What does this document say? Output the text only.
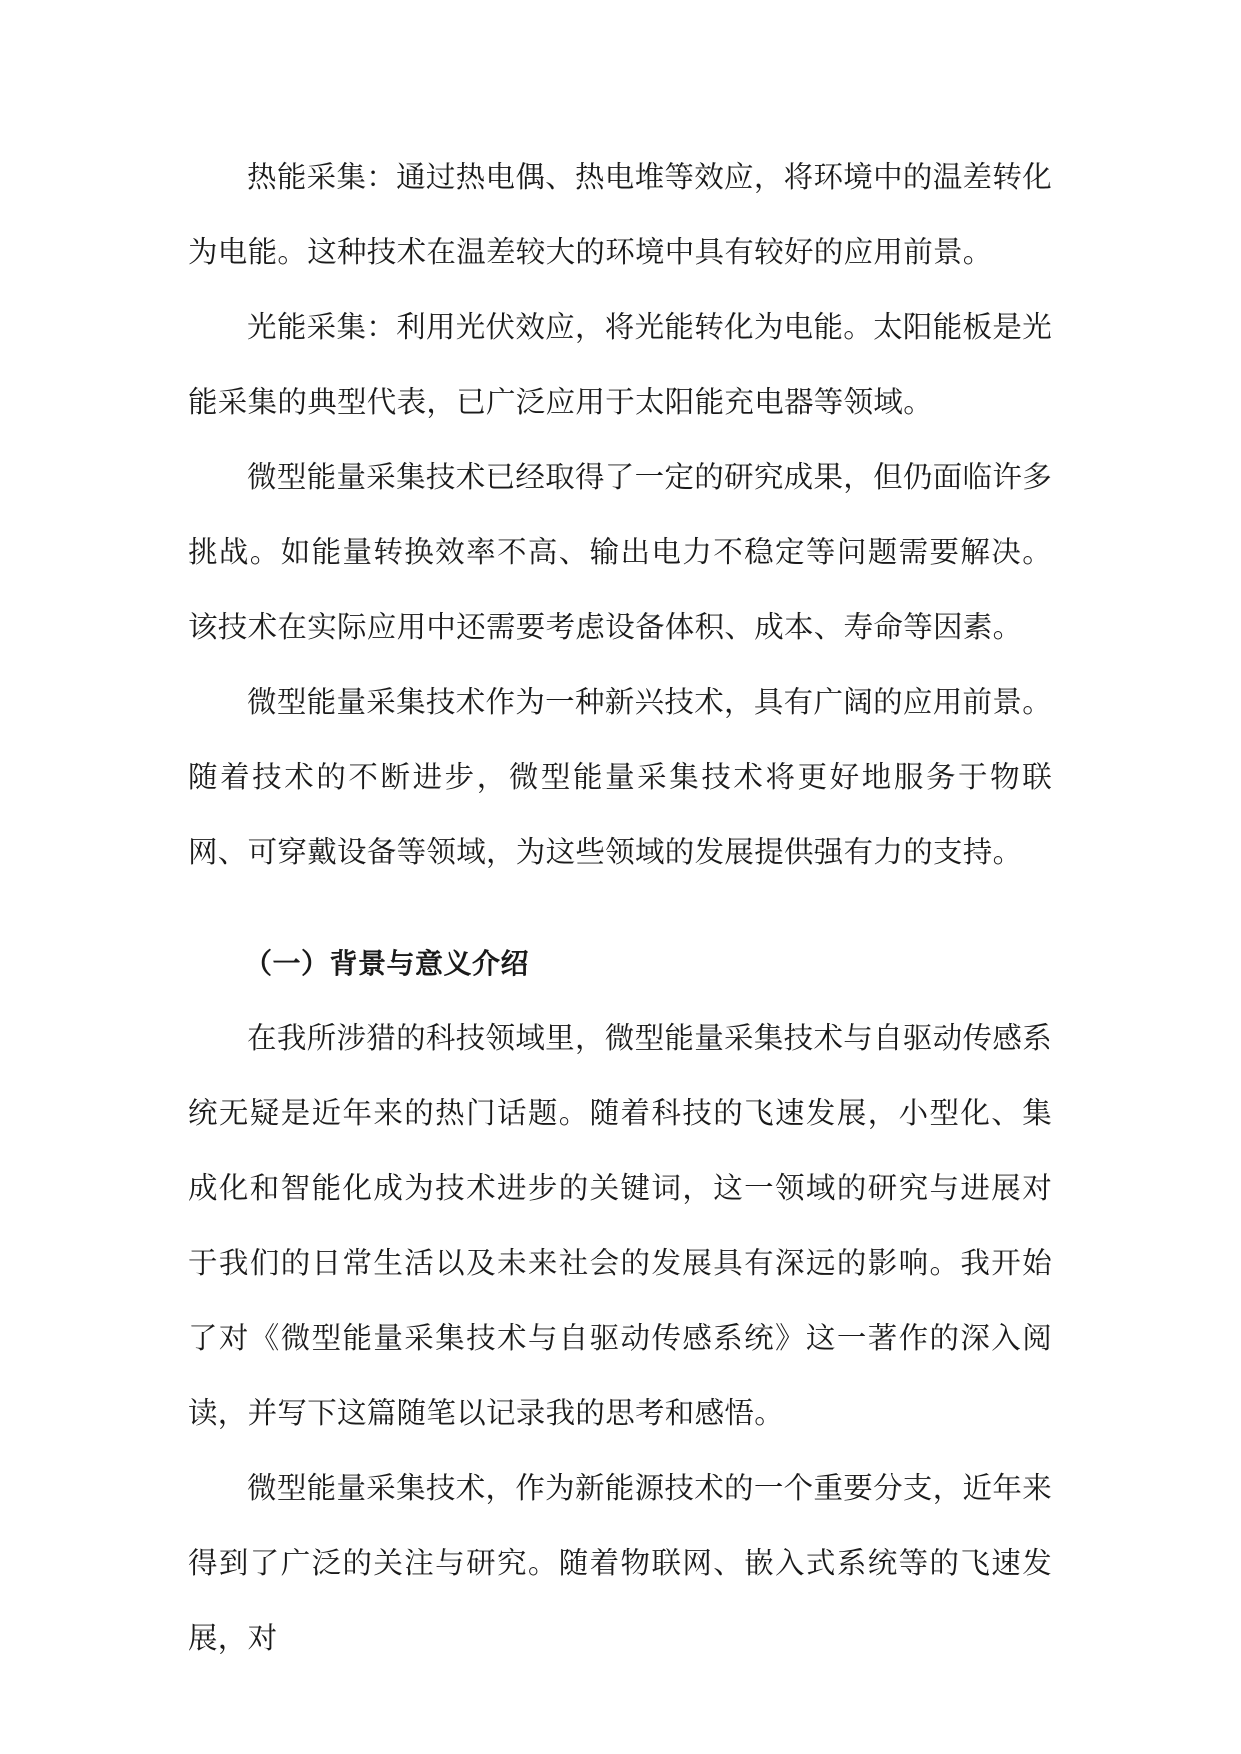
热能采集：通过热电偶、热电堆等效应，将环境中的温差转化为电能。这种技术在温差较大的环境中具有较好的应用前景。

光能采集：利用光伏效应，将光能转化为电能。太阳能板是光能采集的典型代表，已广泛应用于太阳能充电器等领域。

微型能量采集技术已经取得了一定的研究成果，但仍面临许多挑战。如能量转换效率不高、输出电力不稳定等问题需要解决。该技术在实际应用中还需要考虑设备体积、成本、寿命等因素。

微型能量采集技术作为一种新兴技术，具有广阔的应用前景。随着技术的不断进步，微型能量采集技术将更好地服务于物联网、可穿戴设备等领域，为这些领域的发展提供强有力的支持。

（一）背景与意义介绍

在我所涉猎的科技领域里，微型能量采集技术与自驱动传感系统无疑是近年来的热门话题。随着科技的飞速发展，小型化、集成化和智能化成为技术进步的关键词，这一领域的研究与进展对于我们的日常生活以及未来社会的发展具有深远的影响。我开始了对《微型能量采集技术与自驱动传感系统》这一著作的深入阅读，并写下这篇随笔以记录我的思考和感悟。

微型能量采集技术，作为新能源技术的一个重要分支，近年来得到了广泛的关注与研究。随着物联网、嵌入式系统等的飞速发展，对
